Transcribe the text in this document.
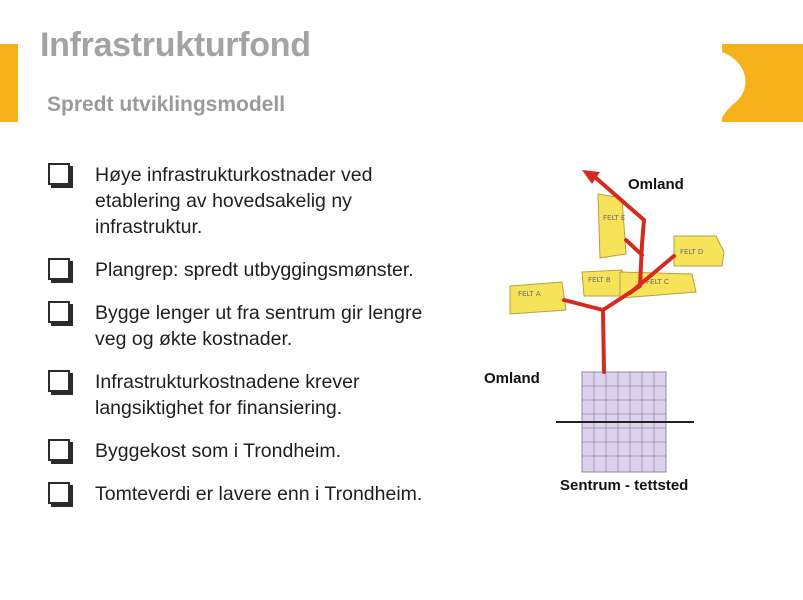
Infrastrukturfond
Spredt utviklingsmodell
Høye infrastrukturkostnader ved etablering av hovedsakelig ny infrastruktur.
Plangrep: spredt utbyggingsmønster.
Bygge lenger ut fra sentrum gir lengre veg og økte kostnader.
Infrastrukturkostnadene krever langsiktighet for finansiering.
Byggekost som i Trondheim.
Tomteverdi er lavere enn i Trondheim.
FELT E
FELT D
FELT B	FELT C
FELT A
Omland
Omland
Sentrum - tettsted
